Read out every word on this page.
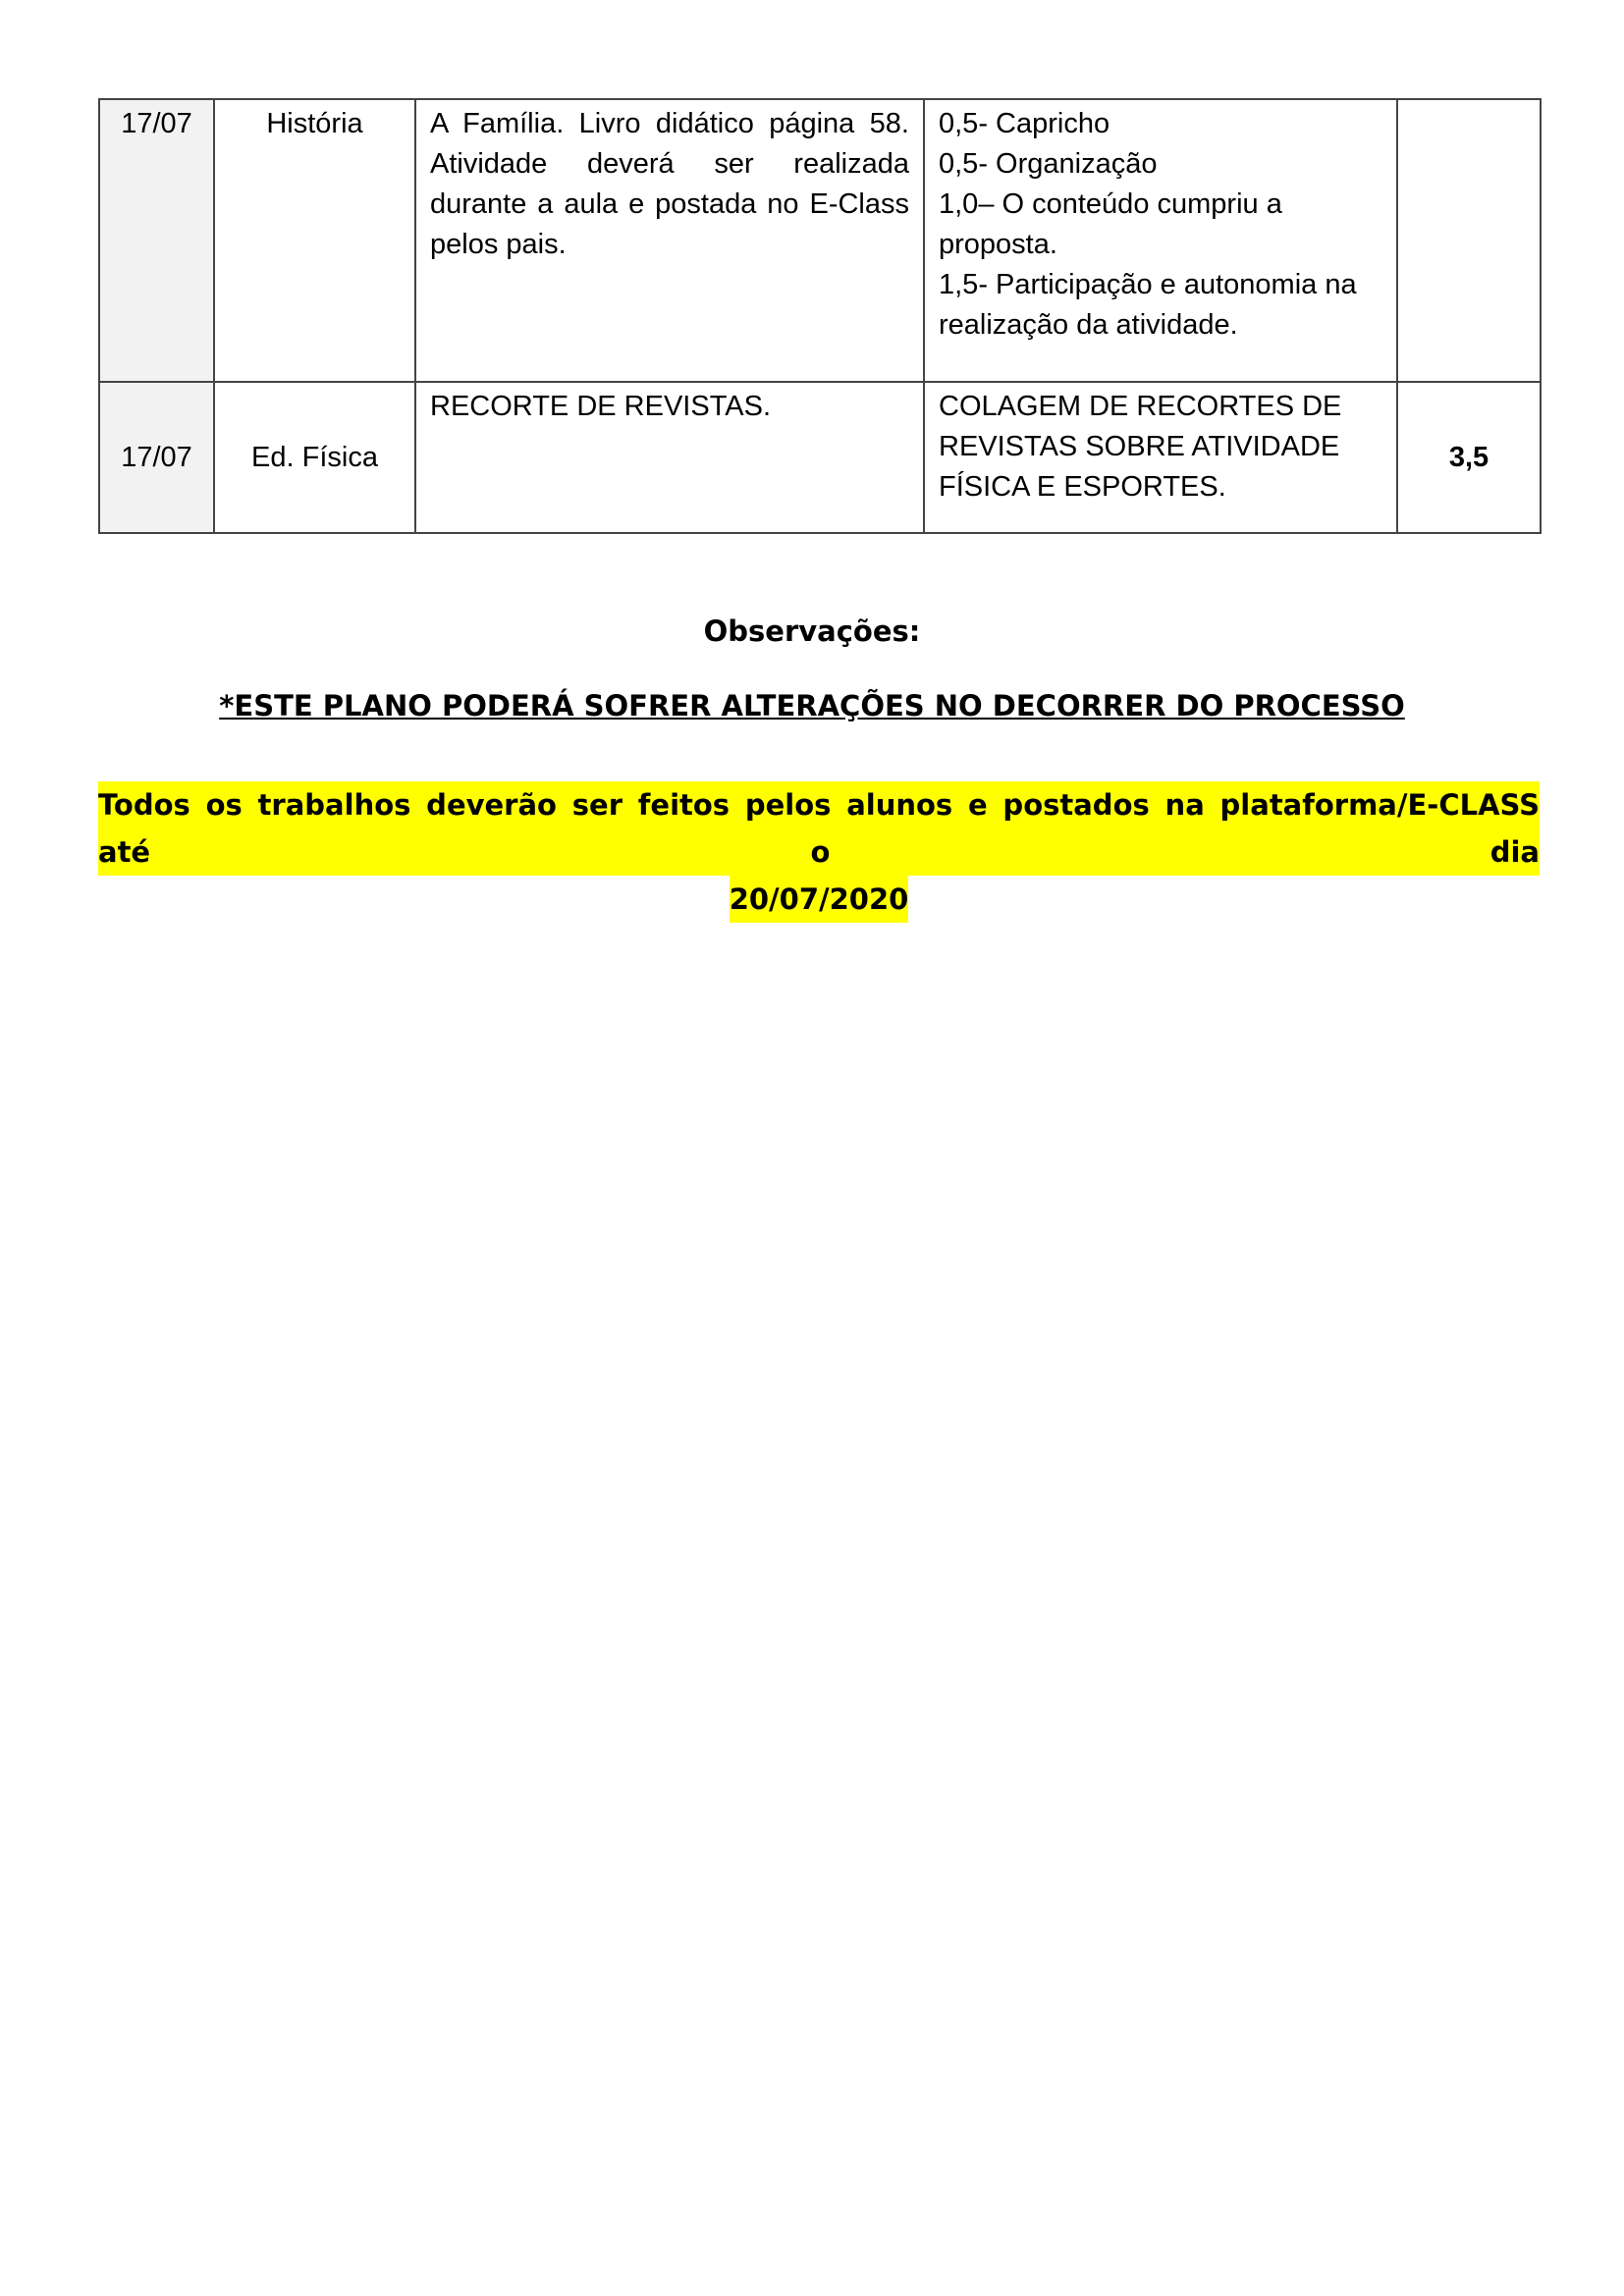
17/07	História	A Família. Livro didático página 58. Atividade deverá ser realizada durante a aula e postada no E-Class pelos pais.	0,5- Capricho
0,5- Organização
1,0– O conteúdo cumpriu a proposta.
1,5- Participação e autonomia na realização da atividade.	

17/07	Ed. Física	RECORTE DE REVISTAS.	COLAGEM DE RECORTES DE REVISTAS SOBRE ATIVIDADE FÍSICA E ESPORTES.	3,5
Observações:
*ESTE PLANO PODERÁ SOFRER ALTERAÇÕES NO DECORRER DO PROCESSO
Todos os trabalhos deverão ser feitos pelos alunos e postados na plataforma/E-CLASS até o dia
20/07/2020
